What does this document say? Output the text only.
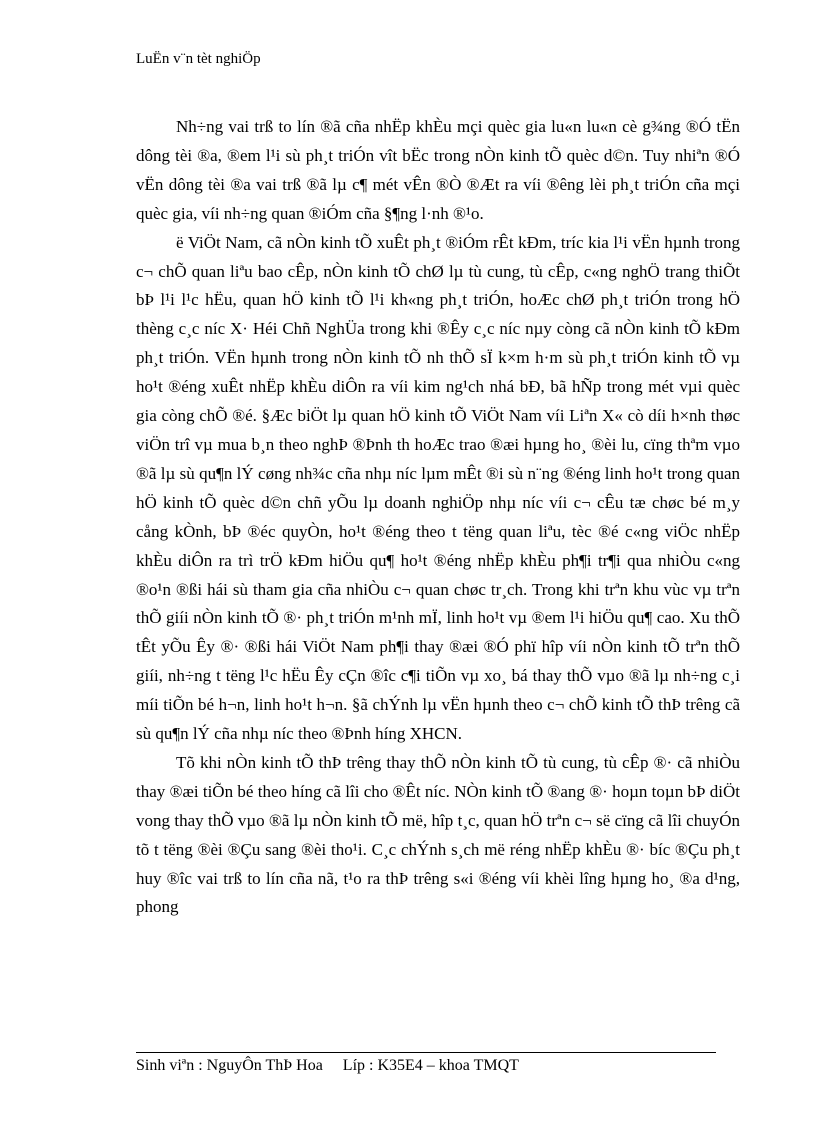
LuËn v¨n tèt nghiÖp

Nh÷ng vai trß to lín ®ã cña nhËp khÈu mçi quèc gia lu«n lu«n cè g¾ng ®Ó tËn dông tèi ®a, ®em l¹i sù ph¸t triÓn vît bËc trong nÒn kinh tÕ quèc d©n. Tuy nhiªn ®Ó vËn dông tèi ®a vai trß ®ã lµ c¶ mét vÊn ®Ò ®Æt ra víi ®êng lèi ph¸t triÓn cña mçi quèc gia, víi nh÷ng quan ®iÓm cña §¶ng l·nh ®¹o.

ë ViÖt Nam, cã nÒn kinh tÕ xuÊt ph¸t ®iÓm rÊt kÐm, tríc kia l¹i vËn hµnh trong c¬ chÕ quan liªu bao cÊp, nÒn kinh tÕ chØ lµ tù cung, tù cÊp, c«ng nghÖ trang thiÕt bÞ l¹i l¹c hËu, quan hÖ kinh tÕ l¹i kh«ng ph¸t triÓn, hoÆc chØ ph¸t triÓn trong hÖ thèng c¸c níc X· Héi Chñ NghÜa trong khi ®Êy c¸c níc nµy còng cã nÒn kinh tÕ kÐm ph¸t triÓn. VËn hµnh trong nÒn kinh tÕ nh thÕ sÏ k×m h·m sù ph¸t triÓn kinh tÕ vµ ho¹t ®éng xuÊt nhËp khÈu diÔn ra víi kim ng¹ch nhá bÐ, bã hÑp trong mét vµi quèc gia còng chÕ ®é. §Æc biÖt lµ quan hÖ kinh tÕ ViÖt Nam víi Liªn X« cò díi h×nh thøc viÖn trî vµ mua b¸n theo nghÞ ®Þnh th hoÆc trao ®æi hµng ho¸ ®èi lu, cïng thªm vµo ®ã lµ sù qu¶n lÝ cøng nh¾c cña nhµ níc lµm mÊt ®i sù n¨ng ®éng linh ho¹t trong quan hÖ kinh tÕ quèc d©n chñ yÕu lµ doanh nghiÖp nhµ níc víi c¬ cÊu tæ chøc bé m¸y cång kÒnh, bÞ ®éc quyÒn, ho¹t ®éng theo t tëng quan liªu, tèc ®é c«ng viÖc nhËp khÈu diÔn ra trì trÖ kÐm hiÖu qu¶ ho¹t ®éng nhËp khÈu ph¶i tr¶i qua nhiÒu c«ng ®o¹n ®ßi hái sù tham gia cña nhiÒu c¬ quan chøc tr¸ch. Trong khi trªn khu vùc vµ trªn thÕ giíi nÒn kinh tÕ ®· ph¸t triÓn m¹nh mÏ, linh ho¹t vµ ®em l¹i hiÖu qu¶ cao. Xu thÕ tÊt yÕu Êy ®· ®ßi hái ViÖt Nam ph¶i thay ®æi ®Ó phï hîp víi nÒn kinh tÕ trªn thÕ giíi, nh÷ng t tëng l¹c hËu Êy cÇn ®îc c¶i tiÕn vµ xo¸ bá thay thÕ vµo ®ã lµ nh÷ng c¸i míi tiÕn bé h¬n, linh ho¹t h¬n. §ã chÝnh lµ vËn hµnh theo c¬ chÕ kinh tÕ thÞ trêng cã sù qu¶n lÝ cña nhµ níc theo ®Þnh híng XHCN.

Tõ khi nÒn kinh tÕ thÞ trêng thay thÕ nÒn kinh tÕ tù cung, tù cÊp ®· cã nhiÒu thay ®æi tiÕn bé theo híng cã lîi cho ®Êt níc. NÒn kinh tÕ ®ang ®· hoµn toµn bÞ diÖt vong thay thÕ vµo ®ã lµ nÒn kinh tÕ më, hîp t¸c, quan hÖ trªn c¬ së cïng cã lîi chuyÓn tõ t tëng ®èi ®Çu sang ®èi tho¹i. C¸c chÝnh s¸ch më réng nhËp khÈu ®· bíc ®Çu ph¸t huy ®îc vai trß to lín cña nã, t¹o ra thÞ trêng s«i ®éng víi khèi lîng hµng ho¸ ®a d¹ng, phong

Sinh viªn : NguyÔn ThÞ Hoa Líp : K35E4 – khoa TMQT
